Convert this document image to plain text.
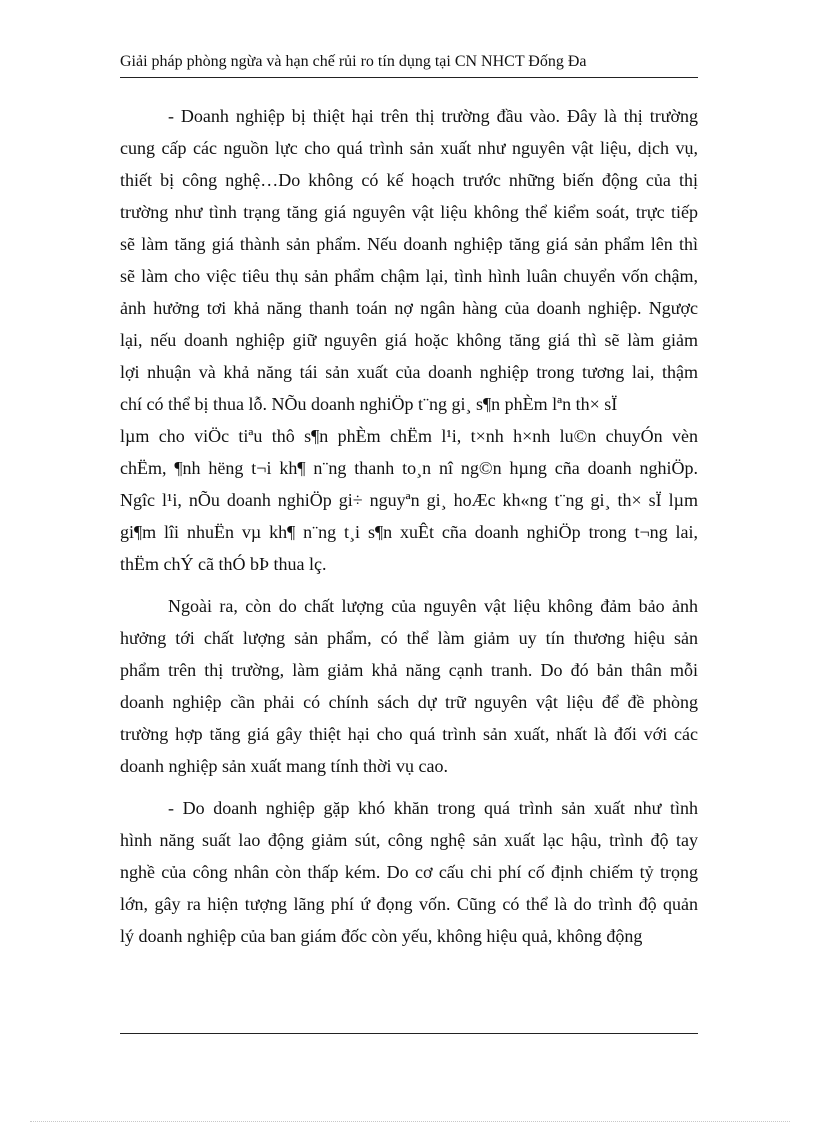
Giải pháp phòng ngừa và hạn chế rủi ro tín dụng tại CN NHCT Đống Đa
- Doanh nghiệp bị thiệt hại trên thị trường đầu vào. Đây là thị trường
cung cấp các nguồn lực cho quá trình sản xuất như nguyên vật liệu, dịch vụ,
thiết bị công nghệ…Do không có kế hoạch trước những biến động của thị
trường như tình trạng tăng giá nguyên vật liệu không thể kiểm soát, trực tiếp
sẽ làm tăng giá thành sản phẩm. Nếu doanh nghiệp tăng giá sản phẩm lên thì
sẽ làm cho việc tiêu thụ sản phẩm chậm lại, tình hình luân chuyển vốn chậm,
ảnh hưởng tơi khả năng thanh toán nợ ngân hàng của doanh nghiệp. Ngược
lại, nếu doanh nghiệp giữ nguyên giá hoặc không tăng giá thì sẽ làm giảm
lợi nhuận và khả năng tái sản xuất của doanh nghiệp trong tương lai, thậm
chí có thể bị thua lỗ. NÕu doanh nghiÖp t¨ng gi¸ s¶n phÈm lªn th× sÏ
lµm cho viÖc tiªu thô s¶n phÈm chËm l¹i, t×nh h×nh lu©n chuyÓn vèn
chËm, ¶nh hëng t¬i kh¶ n¨ng thanh to¸n nî ng©n hµng cña doanh nghiÖp.
Ngîc l¹i, nÕu doanh nghiÖp gi÷ nguyªn gi¸ hoÆc kh«ng t¨ng gi¸ th× sÏ lµm
gi¶m lîi nhuËn vµ kh¶ n¨ng t¸i s¶n xuÊt cña doanh nghiÖp trong t¬ng lai,
thËm chÝ cã thÓ bÞ thua lç.
Ngoài ra, còn do chất lượng của nguyên vật liệu không đảm bảo ảnh
hưởng tới chất lượng sản phẩm, có thể làm giảm uy tín thương hiệu sản
phẩm trên thị trường, làm giảm khả năng cạnh tranh. Do đó bản thân mỗi
doanh nghiệp cần phải có chính sách dự trữ nguyên vật liệu để đề phòng
trường hợp tăng giá gây thiệt hại cho quá trình sản xuất, nhất là đối với các
doanh nghiệp sản xuất mang tính thời vụ cao.
- Do doanh nghiệp gặp khó khăn trong quá trình sản xuất như tình
hình năng suất lao động giảm sút, công nghệ sản xuất lạc hậu, trình độ tay
nghề của công nhân còn thấp kém. Do cơ cấu chi phí cố định chiếm tỷ trọng
lớn, gây ra hiện tượng lãng phí ứ đọng vốn. Cũng có thể là do trình độ quản
lý doanh nghiệp của ban giám đốc còn yếu, không hiệu quả, không động
